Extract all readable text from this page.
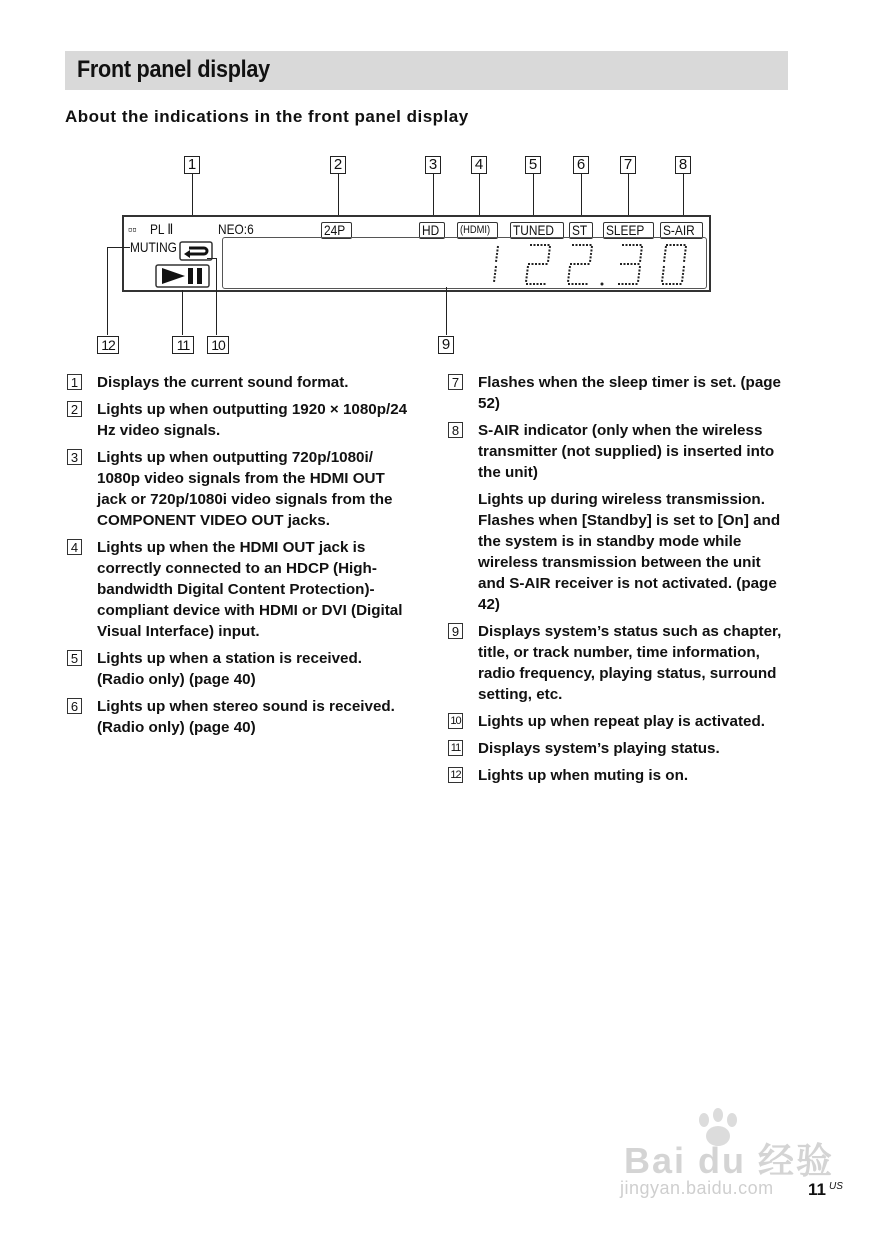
Front panel display
About the indications in the front panel display
1	2	3	4	5	6	7	8
▫▫ PL Ⅱ	NEO:6	24P	HD	(HDMI)	TUNED	ST	SLEEP	S-AIR
MUTING
12	11	10	9
1 Displays the current sound format.

2 Lights up when outputting 1920 × 1080p/24 Hz video signals.

3 Lights up when outputting 720p/1080i/ 1080p video signals from the HDMI OUT jack or 720p/1080i video signals from the COMPONENT VIDEO OUT jacks.

4 Lights up when the HDMI OUT jack is correctly connected to an HDCP (High-bandwidth Digital Content Protection)-compliant device with HDMI or DVI (Digital Visual Interface) input.

5 Lights up when a station is received. (Radio only) (page 40)

6 Lights up when stereo sound is received. (Radio only) (page 40)

7 Flashes when the sleep timer is set. (page 52)

8 S-AIR indicator (only when the wireless transmitter (not supplied) is inserted into the unit)

Lights up during wireless transmission. Flashes when [Standby] is set to [On] and the system is in standby mode while wireless transmission between the unit and S-AIR receiver is not activated. (page 42)

9 Displays system’s status such as chapter, title, or track number, time information, radio frequency, playing status, surround setting, etc.

10 Lights up when repeat play is activated.

11 Displays system’s playing status.

12 Lights up when muting is on.

Bai du 经验
jingyan.baidu.com 11 US
